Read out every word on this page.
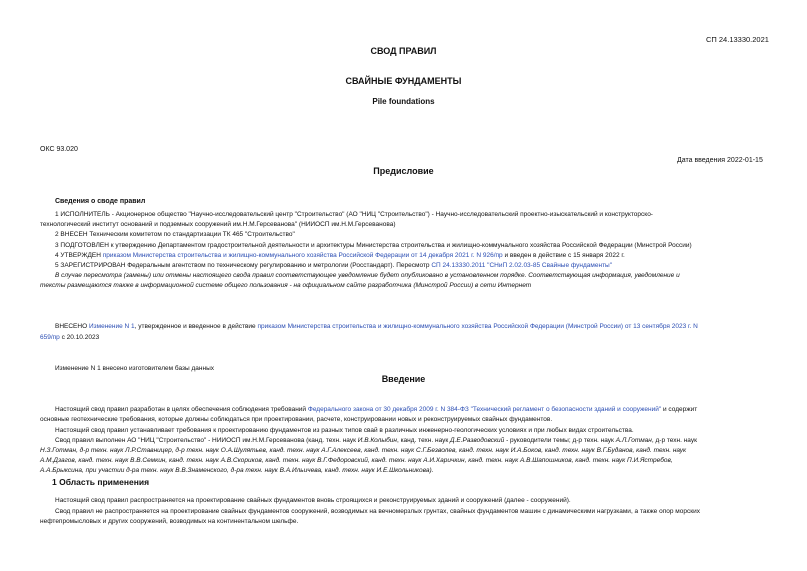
СП 24.13330.2021
СВОД ПРАВИЛ
СВАЙНЫЕ ФУНДАМЕНТЫ
Pile foundations
ОКС 93.020
Дата введения 2022-01-15
Предисловие
Сведения о своде правил
1 ИСПОЛНИТЕЛЬ - Акционерное общество "Научно-исследовательский центр "Строительство" (АО "НИЦ "Строительство") - Научно-исследовательский проектно-изыскательский и конструкторско-
технологический институт оснований и подземных сооружений им.Н.М.Герсеванова" (НИИОСП им.Н.М.Герсеванова)
2 ВНЕСЕН Техническим комитетом по стандартизации ТК 465 "Строительство"
3 ПОДГОТОВЛЕН к утверждению Департаментом градостроительной деятельности и архитектуры Министерства строительства и жилищно-коммунального хозяйства Российской Федерации (Минстрой России)
4 УТВЕРЖДЕН приказом Министерства строительства и жилищно-коммунального хозяйства Российской Федерации от 14 декабря 2021 г. N 926/пр и введен в действие с 15 января 2022 г.
5 ЗАРЕГИСТРИРОВАН Федеральным агентством по техническому регулированию и метрологии (Росстандарт). Пересмотр СП 24.13330.2011 "СНиП 2.02.03-85 Свайные фундаменты"
В случае пересмотра (замены) или отмены настоящего свода правил соответствующее уведомление будет опубликовано в установленном порядке. Соответствующая информация, уведомление и
тексты размещаются также в информационной системе общего пользования - на официальном сайте разработчика (Минстрой России) в сети Интернет
ВНЕСЕНО Изменение N 1, утвержденное и введенное в действие приказом Министерства строительства и жилищно-коммунального хозяйства Российской Федерации (Минстрой России) от 13 сентября 2023 г. N
659/пр с 20.10.2023
Изменение N 1 внесено изготовителем базы данных
Введение
Настоящий свод правил разработан в целях обеспечения соблюдения требований Федерального закона от 30 декабря 2009 г. N 384-ФЗ "Технический регламент о безопасности зданий и сооружений" и содержит
основные геотехнические требования, которые должны соблюдаться при проектировании, расчете, конструировании новых и реконструируемых свайных фундаментов.
Настоящий свод правил устанавливает требования к проектированию фундаментов из разных типов свай в различных инженерно-геологических условиях и при любых видах строительства.
Свод правил выполнен АО "НИЦ "Строительство" - НИИОСП им.Н.М.Герсеванова (канд. техн. наук И.В.Колыбин, канд. техн. наук Д.Е.Разводовский - руководители темы; д-р техн. наук А.Л.Готман, д-р техн. наук
Н.З.Готман, д-р техн. наук Л.Р.Ставницер, д-р техн. наук О.А.Шулятьев, канд. техн. наук А.Г.Алексеев, канд. техн. наук С.Г.Безволев, канд. техн. наук И.А.Боков, канд. техн. наук В.Г.Буданов, канд. техн. наук
А.М.Дзагов, канд. техн. наук В.В.Семкин, канд. техн. наук А.В.Скориков, канд. техн. наук В.Г.Федоровский, канд. техн. наук А.И.Харичкин, канд. техн. наук А.В.Шапошников, канд. техн. наук П.И.Ястребов,
А.А.Брыксина, при участии д-ра техн. наук В.В.Знаменского, д-ра техн. наук В.А.Ильичева, канд. техн. наук И.Е.Школьникова).
1 Область применения
Настоящий свод правил распространяется на проектирование свайных фундаментов вновь строящихся и реконструируемых зданий и сооружений (далее - сооружений).
Свод правил не распространяется на проектирование свайных фундаментов сооружений, возводимых на вечномерзлых грунтах, свайных фундаментов машин с динамическими нагрузками, а также опор морских
нефтепромысловых и других сооружений, возводимых на континентальном шельфе.
